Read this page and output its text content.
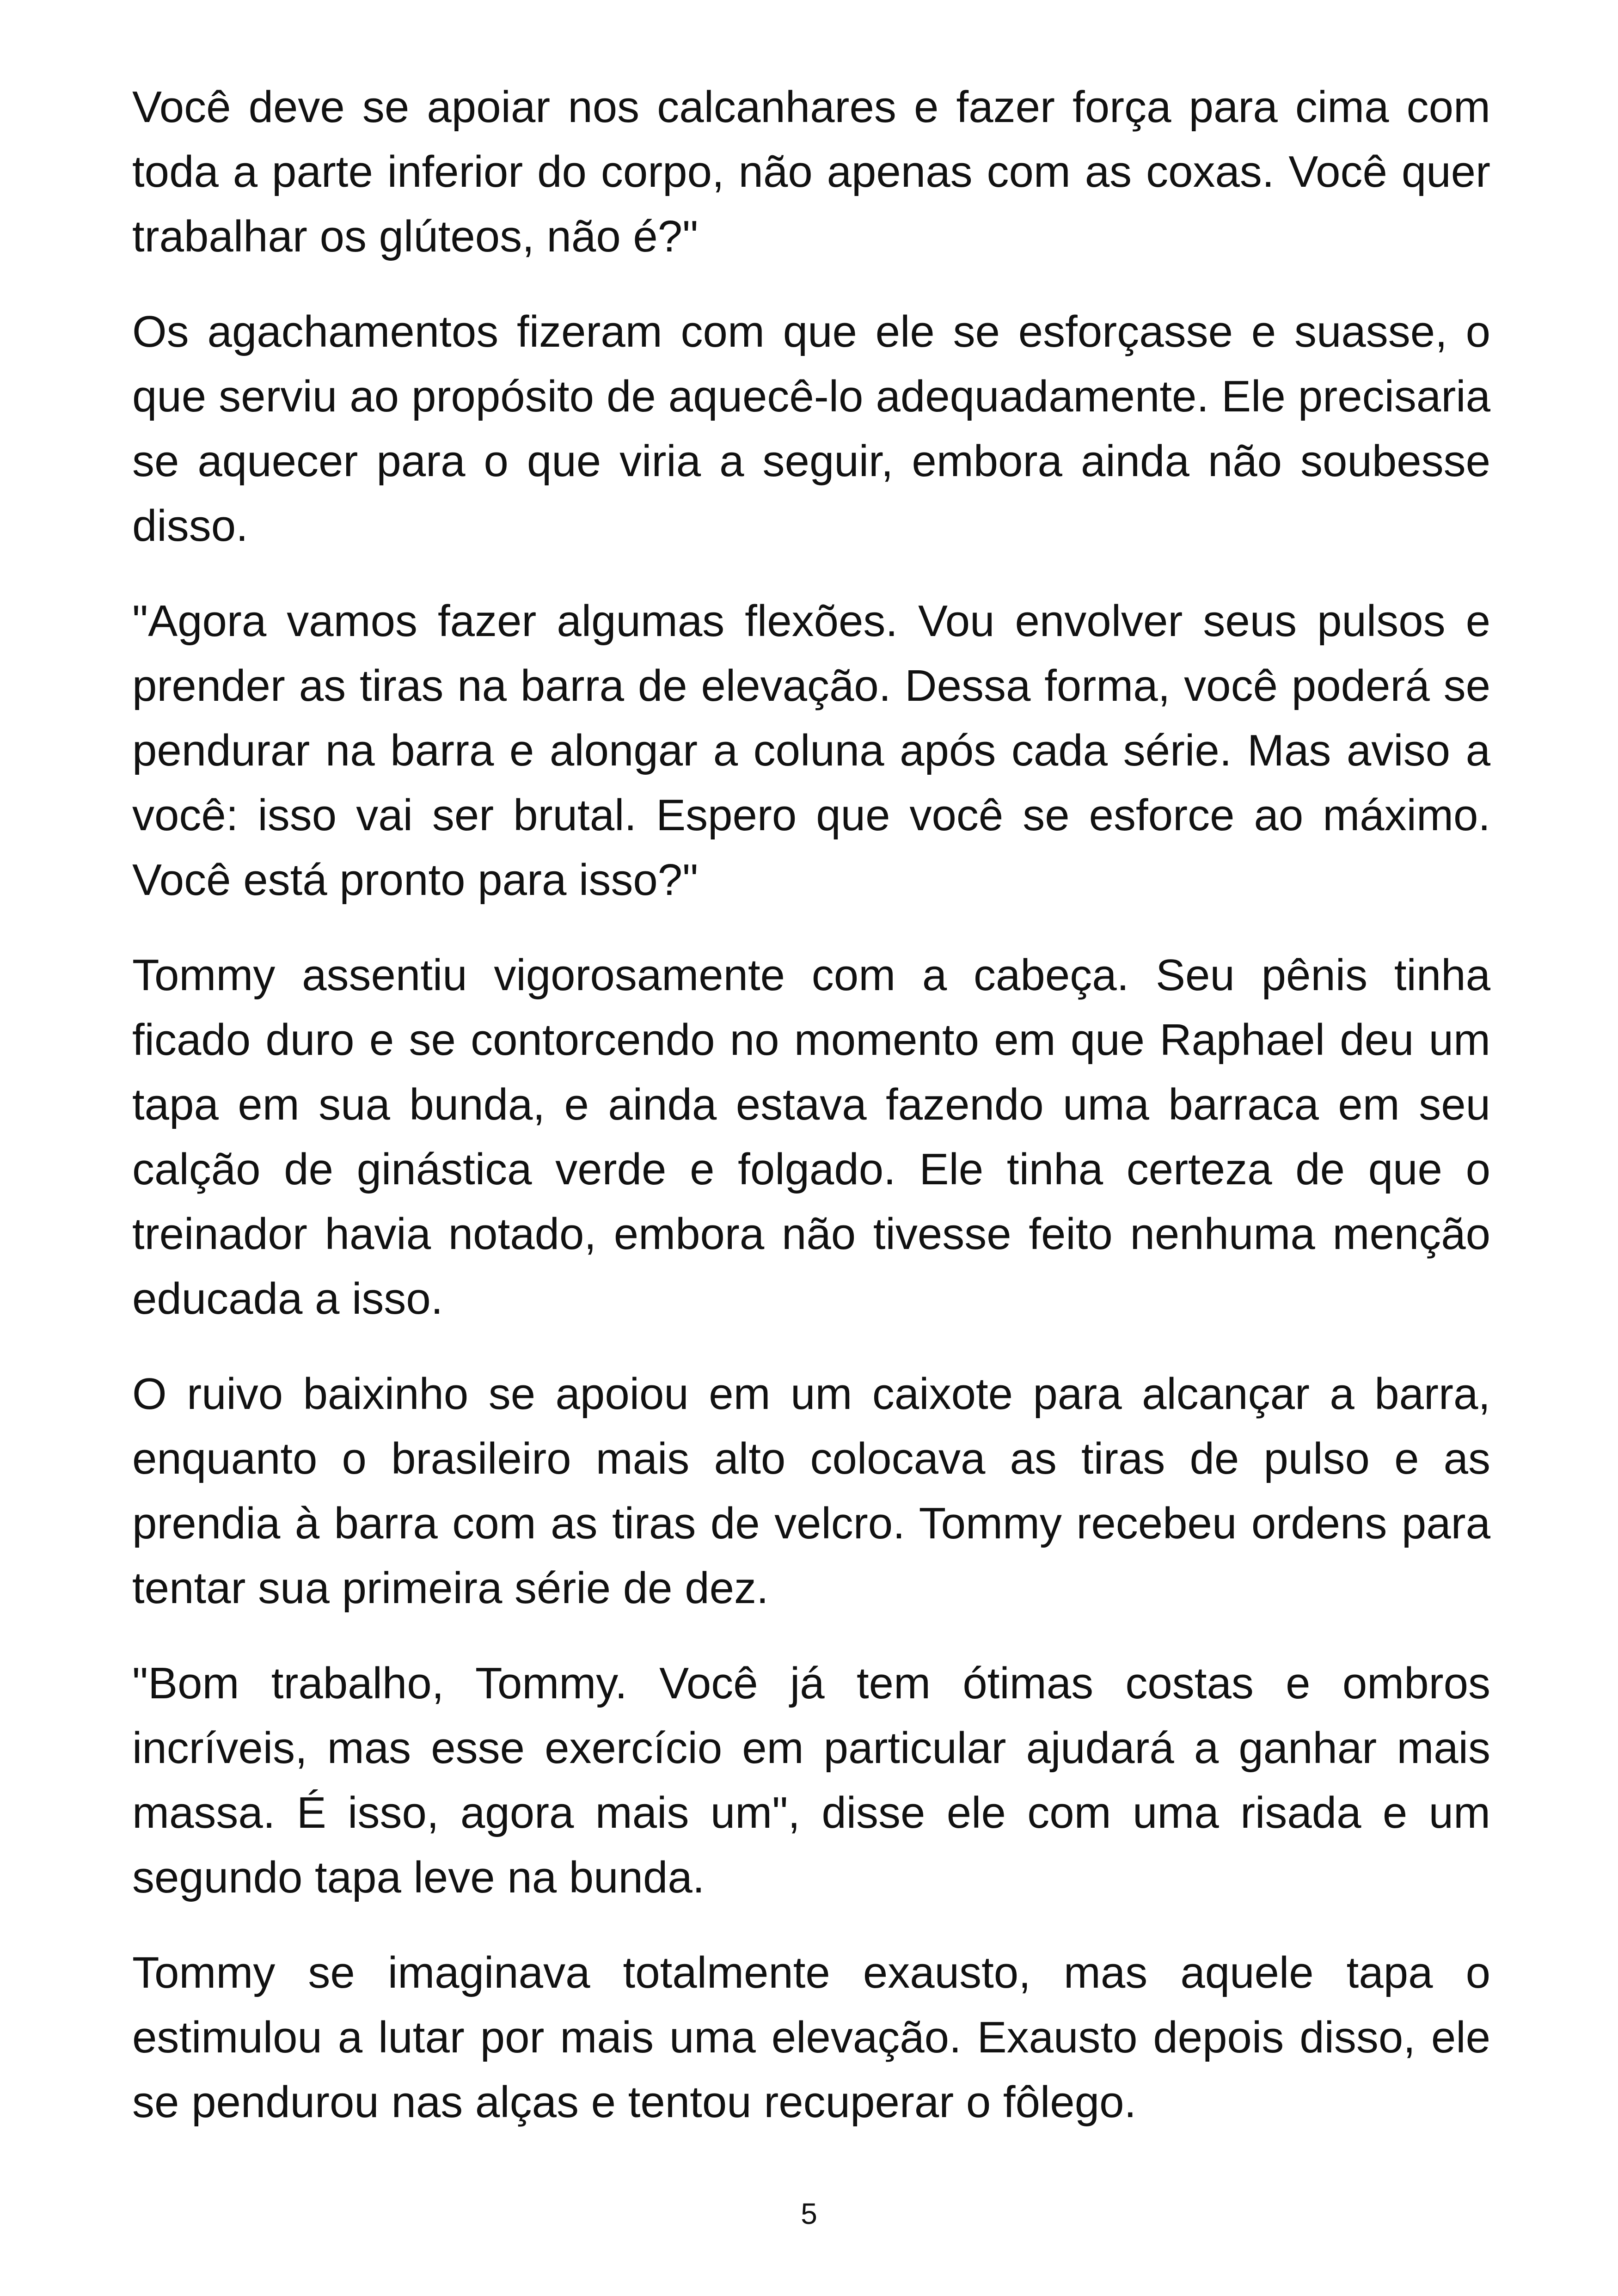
Você deve se apoiar nos calcanhares e fazer força para cima com toda a parte inferior do corpo, não apenas com as coxas. Você quer trabalhar os glúteos, não é?"

Os agachamentos fizeram com que ele se esforçasse e suasse, o que serviu ao propósito de aquecê-lo adequadamente. Ele precisaria se aquecer para o que viria a seguir, embora ainda não soubesse disso.

"Agora vamos fazer algumas flexões. Vou envolver seus pulsos e prender as tiras na barra de elevação. Dessa forma, você poderá se pendurar na barra e alongar a coluna após cada série. Mas aviso a você: isso vai ser brutal. Espero que você se esforce ao máximo. Você está pronto para isso?"

Tommy assentiu vigorosamente com a cabeça. Seu pênis tinha ficado duro e se contorcendo no momento em que Raphael deu um tapa em sua bunda, e ainda estava fazendo uma barraca em seu calção de ginástica verde e folgado. Ele tinha certeza de que o treinador havia notado, embora não tivesse feito nenhuma menção educada a isso.

O ruivo baixinho se apoiou em um caixote para alcançar a barra, enquanto o brasileiro mais alto colocava as tiras de pulso e as prendia à barra com as tiras de velcro. Tommy recebeu ordens para tentar sua primeira série de dez.

"Bom trabalho, Tommy. Você já tem ótimas costas e ombros incríveis, mas esse exercício em particular ajudará a ganhar mais massa. É isso, agora mais um", disse ele com uma risada e um segundo tapa leve na bunda.

Tommy se imaginava totalmente exausto, mas aquele tapa o estimulou a lutar por mais uma elevação. Exausto depois disso, ele se pendurou nas alças e tentou recuperar o fôlego.

5
